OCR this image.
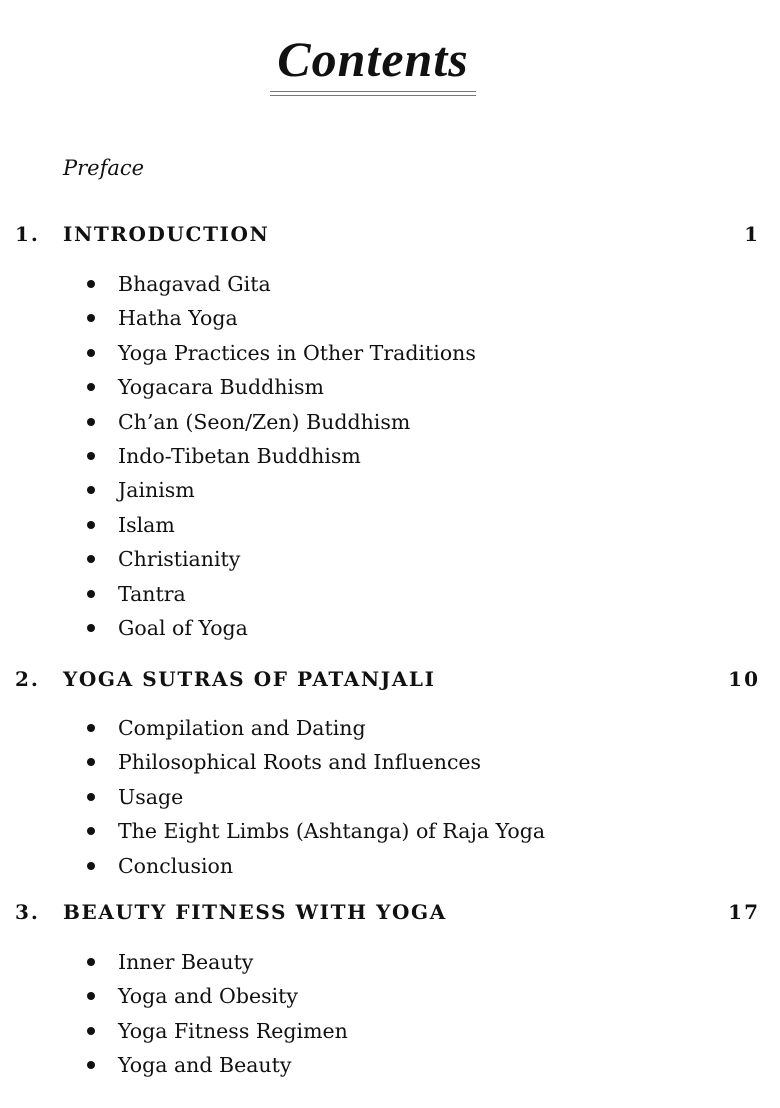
Contents
Preface
1. INTRODUCTION	1
Bhagavad Gita
Hatha Yoga
Yoga Practices in Other Traditions
Yogacara Buddhism
Ch’an (Seon/Zen) Buddhism
Indo-Tibetan Buddhism
Jainism
Islam
Christianity
Tantra
Goal of Yoga
2. YOGA SUTRAS OF PATANJALI	10
Compilation and Dating
Philosophical Roots and Influences
Usage
The Eight Limbs (Ashtanga) of Raja Yoga
Conclusion
3. BEAUTY FITNESS WITH YOGA	17
Inner Beauty
Yoga and Obesity
Yoga Fitness Regimen
Yoga and Beauty
